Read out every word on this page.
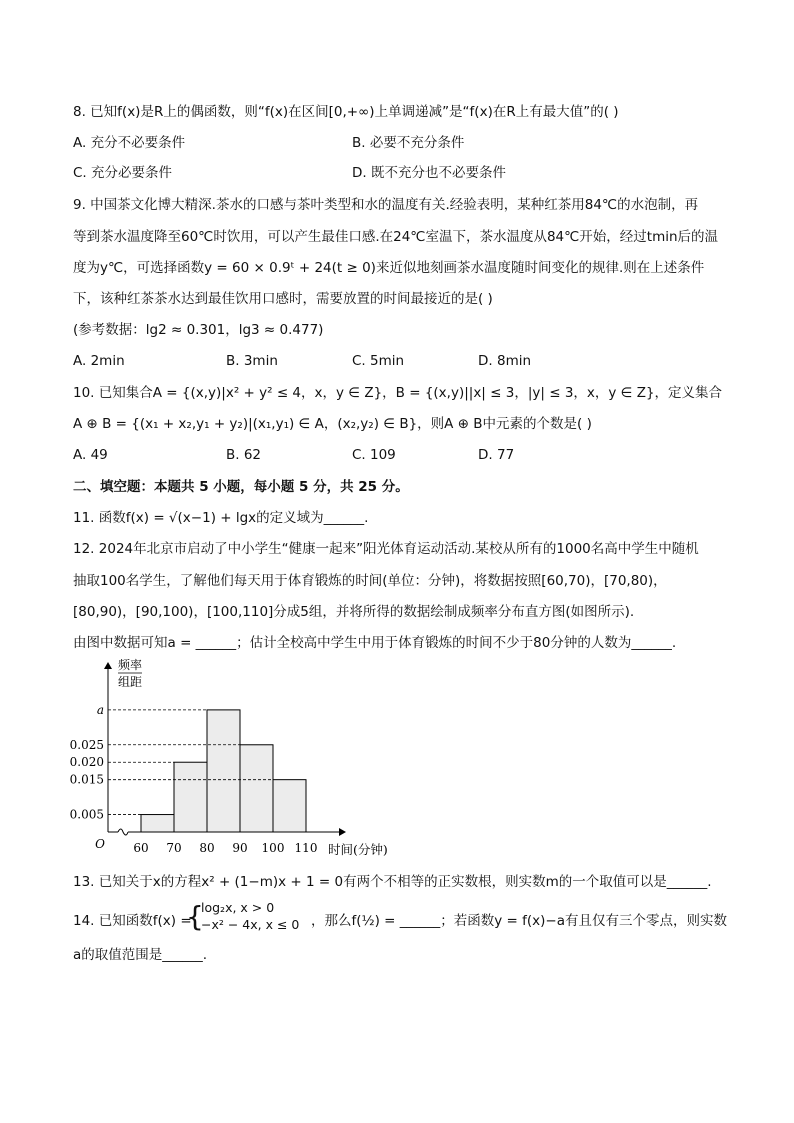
8. 已知f(x)是R上的偶函数，则“f(x)在区间[0,+∞)上单调递减”是“f(x)在R上有最大值”的( )
A. 充分不必要条件	B. 必要不充分条件
C. 充分必要条件	D. 既不充分也不必要条件
9. 中国茶文化博大精深.茶水的口感与茶叶类型和水的温度有关.经验表明，某种红茶用84℃的水泡制，再
等到茶水温度降至60℃时饮用，可以产生最佳口感.在24℃室温下，茶水温度从84℃开始，经过tmin后的温
度为y℃，可选择函数y = 60 × 0.9ᵗ + 24(t ≥ 0)来近似地刻画茶水温度随时间变化的规律.则在上述条件
下，该种红茶茶水达到最佳饮用口感时，需要放置的时间最接近的是( )
(参考数据：lg2 ≈ 0.301，lg3 ≈ 0.477)
A. 2min	B. 3min	C. 5min	D. 8min
10. 已知集合A = {(x,y)|x² + y² ≤ 4，x，y ∈ Z}，B = {(x,y)||x| ≤ 3，|y| ≤ 3，x，y ∈ Z}，定义集合
A ⊕ B = {(x₁ + x₂,y₁ + y₂)|(x₁,y₁) ∈ A，(x₂,y₂) ∈ B}，则A ⊕ B中元素的个数是( )
A. 49	B. 62	C. 109	D. 77
二、填空题：本题共 5 小题，每小题 5 分，共 25 分。
11. 函数f(x) = √(x−1) + lgx的定义域为______.
12. 2024年北京市启动了中小学生“健康一起来”阳光体育运动活动.某校从所有的1000名高中学生中随机
抽取100名学生，了解他们每天用于体育锻炼的时间(单位：分钟)，将数据按照[60,70)，[70,80)，
[80,90)，[90,100)，[100,110]分成5组，并将所得的数据绘制成频率分布直方图(如图所示).
由图中数据可知a = ______；估计全校高中学生中用于体育锻炼的时间不少于80分钟的人数为______.
a
0.025
0.020
0.015
0.005
60 70 80 90 100 110
O
频率
组距
时间(分钟)
13. 已知关于x的方程x² + (1−m)x + 1 = 0有两个不相等的正实数根，则实数m的一个取值可以是______.
14. 已知函数f(x) =
{
log₂x, x > 0
−x² − 4x, x ≤ 0 ，那么f(½) = ______；若函数y = f(x)−a有且仅有三个零点，则实数
a的取值范围是______.
